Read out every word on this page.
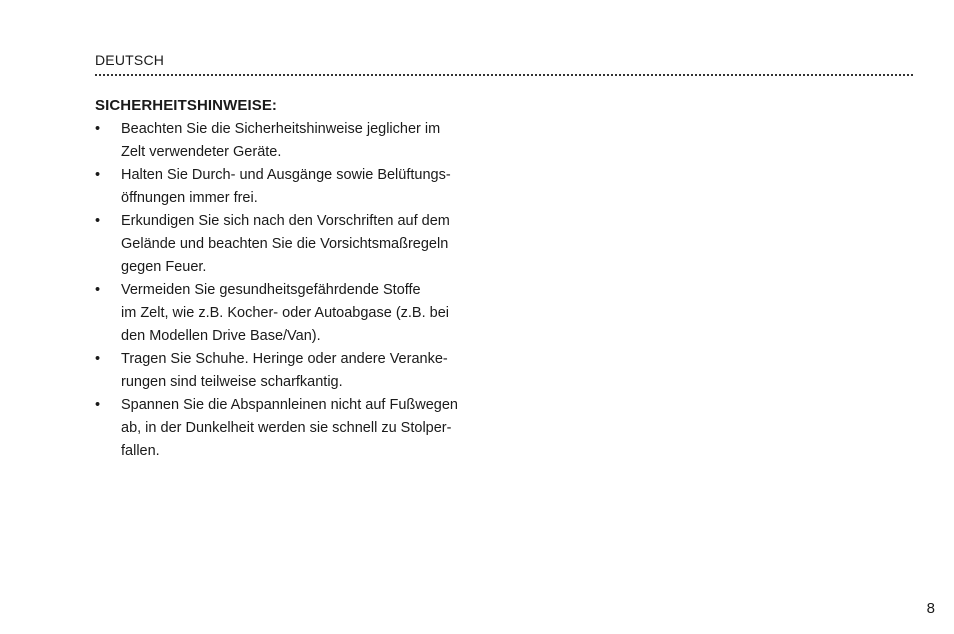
DEUTSCH
SICHERHEITSHINWEISE:
•	Beachten Sie die Sicherheitshinweise jeglicher im
Zelt verwendeter Geräte.
•	Halten Sie Durch- und Ausgänge sowie Belüftungs-
öffnungen immer frei.
•	Erkundigen Sie sich nach den Vorschriften auf dem
Gelände und beachten Sie die Vorsichtsmaßregeln
gegen Feuer.
•	Vermeiden Sie gesundheitsgefährdende Stoffe
im Zelt, wie z.B. Kocher- oder Autoabgase (z.B. bei
den Modellen Drive Base/Van).
•	Tragen Sie Schuhe. Heringe oder andere Veranke-
rungen sind teilweise scharfkantig.
•	Spannen Sie die Abspannleinen nicht auf Fußwegen
ab, in der Dunkelheit werden sie schnell zu Stolper-
fallen.
8
